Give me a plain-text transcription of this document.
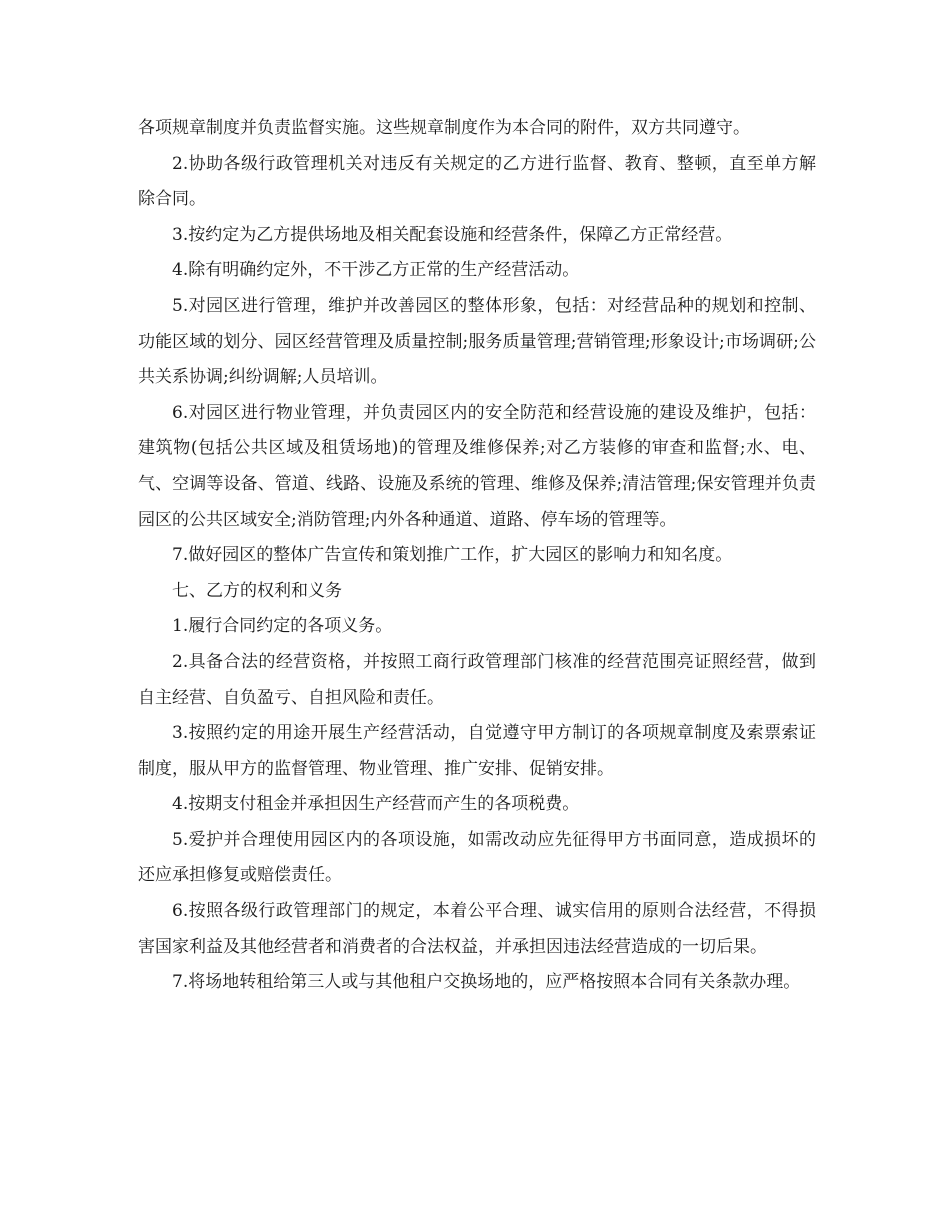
各项规章制度并负责监督实施。这些规章制度作为本合同的附件，双方共同遵守。

2.协助各级行政管理机关对违反有关规定的乙方进行监督、教育、整顿，直至单方解除合同。

3.按约定为乙方提供场地及相关配套设施和经营条件，保障乙方正常经营。

4.除有明确约定外，不干涉乙方正常的生产经营活动。

5.对园区进行管理，维护并改善园区的整体形象，包括：对经营品种的规划和控制、功能区域的划分、园区经营管理及质量控制;服务质量管理;营销管理;形象设计;市场调研;公共关系协调;纠纷调解;人员培训。

6.对园区进行物业管理，并负责园区内的安全防范和经营设施的建设及维护，包括：建筑物(包括公共区域及租赁场地)的管理及维修保养;对乙方装修的审查和监督;水、电、气、空调等设备、管道、线路、设施及系统的管理、维修及保养;清洁管理;保安管理并负责园区的公共区域安全;消防管理;内外各种通道、道路、停车场的管理等。

7.做好园区的整体广告宣传和策划推广工作，扩大园区的影响力和知名度。

七、乙方的权利和义务

1.履行合同约定的各项义务。

2.具备合法的经营资格，并按照工商行政管理部门核准的经营范围亮证照经营，做到自主经营、自负盈亏、自担风险和责任。

3.按照约定的用途开展生产经营活动，自觉遵守甲方制订的各项规章制度及索票索证制度，服从甲方的监督管理、物业管理、推广安排、促销安排。

4.按期支付租金并承担因生产经营而产生的各项税费。

5.爱护并合理使用园区内的各项设施，如需改动应先征得甲方书面同意，造成损坏的还应承担修复或赔偿责任。

6.按照各级行政管理部门的规定，本着公平合理、诚实信用的原则合法经营，不得损害国家利益及其他经营者和消费者的合法权益，并承担因违法经营造成的一切后果。

7.将场地转租给第三人或与其他租户交换场地的，应严格按照本合同有关条款办理。
